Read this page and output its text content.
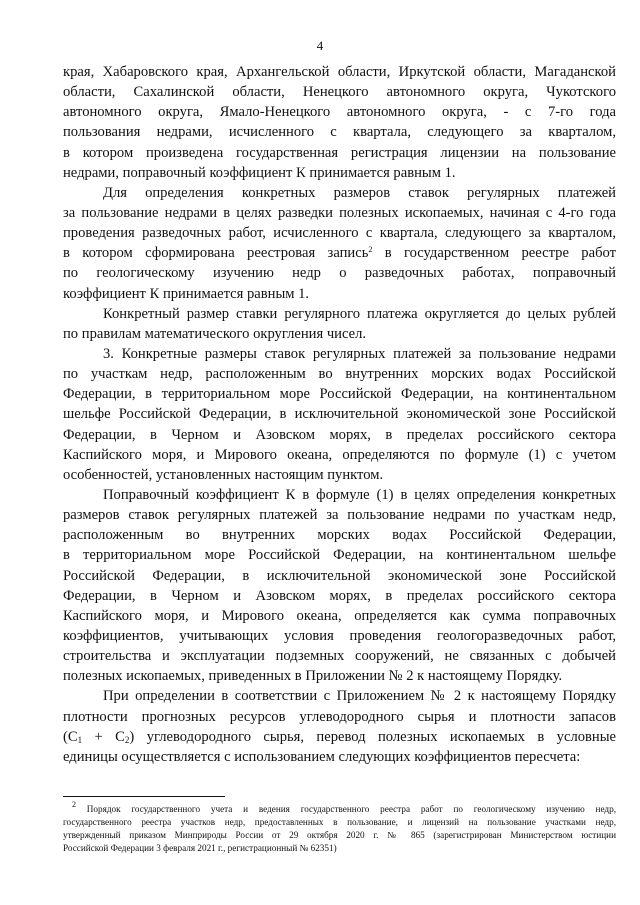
4
края, Хабаровского края, Архангельской области, Иркутской области, Магаданской
области, Сахалинской области, Ненецкого автономного округа, Чукотского
автономного округа, Ямало-Ненецкого автономного округа, - с 7-го года
пользования недрами, исчисленного с квартала, следующего за кварталом,
в котором произведена государственная регистрация лицензии на пользование
недрами, поправочный коэффициент К принимается равным 1.
Для определения конкретных размеров ставок регулярных платежей
за пользование недрами в целях разведки полезных ископаемых, начиная с 4-го года
проведения разведочных работ, исчисленного с квартала, следующего за кварталом,
в котором сформирована реестровая запись$^2$ в государственном реестре работ
по геологическому изучению недр о разведочных работах, поправочный
коэффициент К принимается равным 1.
Конкретный размер ставки регулярного платежа округляется до целых рублей
по правилам математического округления чисел.
3. Конкретные размеры ставок регулярных платежей за пользование недрами
по участкам недр, расположенным во внутренних морских водах Российской
Федерации, в территориальном море Российской Федерации, на континентальном
шельфе Российской Федерации, в исключительной экономической зоне Российской
Федерации, в Черном и Азовском морях, в пределах российского сектора
Каспийского моря, и Мирового океана, определяются по формуле (1) с учетом
особенностей, установленных настоящим пунктом.
Поправочный коэффициент К в формуле (1) в целях определения конкретных
размеров ставок регулярных платежей за пользование недрами по участкам недр,
расположенным во внутренних морских водах Российской Федерации,
в территориальном море Российской Федерации, на континентальном шельфе
Российской Федерации, в исключительной экономической зоне Российской
Федерации, в Черном и Азовском морях, в пределах российского сектора
Каспийского моря, и Мирового океана, определяется как сумма поправочных
коэффициентов, учитывающих условия проведения геологоразведочных работ,
строительства и эксплуатации подземных сооружений, не связанных с добычей
полезных ископаемых, приведенных в Приложении № 2 к настоящему Порядку.
При определении в соответствии с Приложением № 2 к настоящему Порядку
плотности прогнозных ресурсов углеводородного сырья и плотности запасов
$(C_1 + C_2)$ углеводородного сырья, перевод полезных ископаемых в условные
единицы осуществляется с использованием следующих коэффициентов пересчета:
$^2$ Порядок государственного учета и ведения государственного реестра работ по геологическому изучению недр,
государственного реестра участков недр, предоставленных в пользование, и лицензий на пользование участками недр,
утвержденный приказом Минприроды России от 29 октября 2020 г. № 865 (зарегистрирован Министерством юстиции
Российской Федерации 3 февраля 2021 г., регистрационный № 62351)
